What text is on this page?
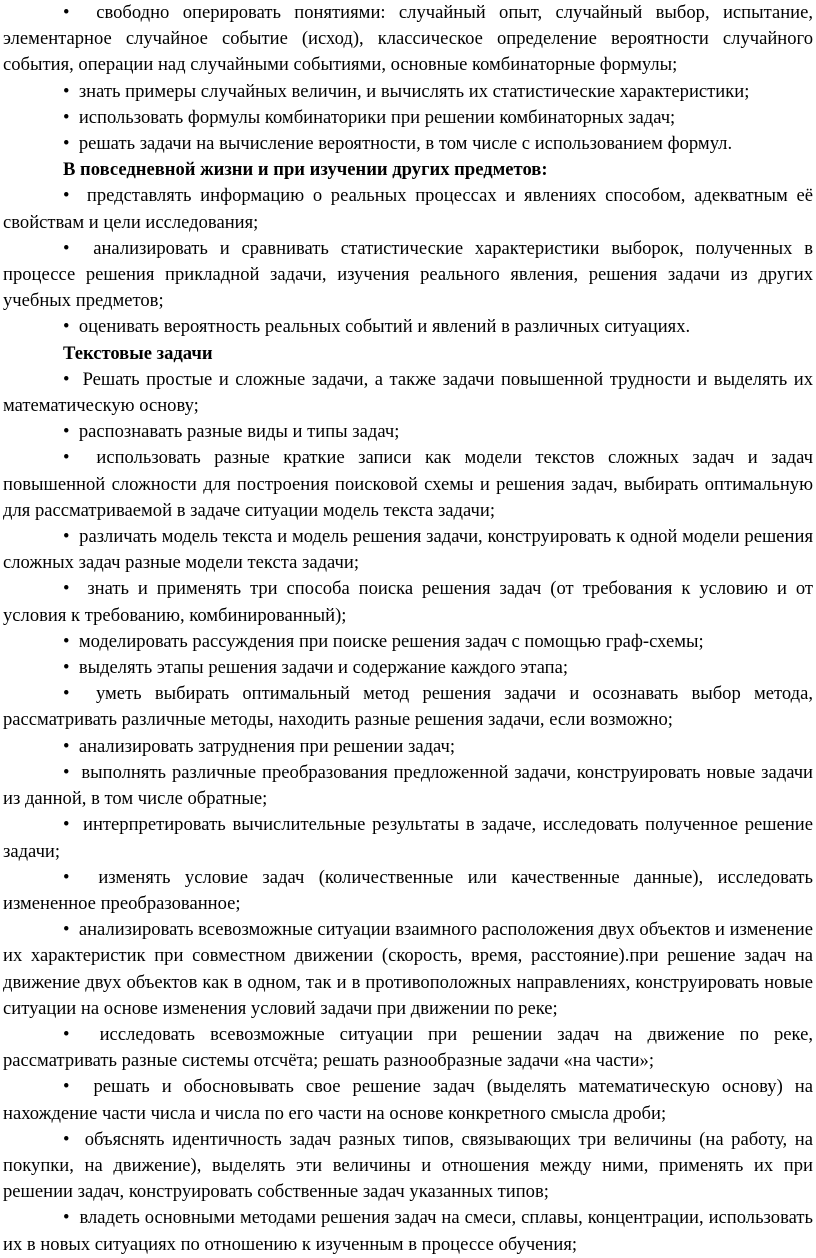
•  свободно оперировать понятиями: случайный опыт, случайный выбор, испытание, элементарное случайное событие (исход), классическое определение вероятности случайного события, операции над случайными событиями, основные комбинаторные формулы;

•  знать примеры случайных величин, и вычислять их статистические характеристики;

•  использовать формулы комбинаторики при решении комбинаторных задач;

•  решать задачи на вычисление вероятности, в том числе с использованием формул.

В повседневной жизни и при изучении других предметов:

•  представлять информацию о реальных процессах и явлениях способом, адекватным её свойствам и цели исследования;

•  анализировать и сравнивать статистические характеристики выборок, полученных в процессе решения прикладной задачи, изучения реального явления, решения задачи из других учебных предметов;

•  оценивать вероятность реальных событий и явлений в различных ситуациях.

Текстовые задачи

•  Решать простые и сложные задачи, а также задачи повышенной трудности и выделять их математическую основу;

•  распознавать разные виды и типы задач;

•  использовать разные краткие записи как модели текстов сложных задач и задач повышенной сложности для построения поисковой схемы и решения задач, выбирать оптимальную для рассматриваемой в задаче ситуации модель текста задачи;

•  различать модель текста и модель решения задачи, конструировать к одной модели решения сложных задач разные модели текста задачи;

•  знать и применять три способа поиска решения задач (от требования к условию и от условия к требованию, комбинированный);

•  моделировать рассуждения при поиске решения задач с помощью граф-схемы;

•  выделять этапы решения задачи и содержание каждого этапа;

•  уметь выбирать оптимальный метод решения задачи и осознавать выбор метода, рассматривать различные методы, находить разные решения задачи, если возможно;

•  анализировать затруднения при решении задач;

•  выполнять различные преобразования предложенной задачи, конструировать новые задачи из данной, в том числе обратные;

•  интерпретировать вычислительные результаты в задаче, исследовать полученное решение задачи;

•  изменять условие задач (количественные или качественные данные), исследовать измененное преобразованное;

•  анализировать всевозможные ситуации взаимного расположения двух объектов и изменение их характеристик при совместном движении (скорость, время, расстояние).при решение задач на движение двух объектов как в одном, так и в противоположных направлениях, конструировать новые ситуации на основе изменения условий задачи при движении по реке;

•  исследовать всевозможные ситуации при решении задач на движение по реке, рассматривать разные системы отсчёта; решать разнообразные задачи «на части»;

•  решать и обосновывать свое решение задач (выделять математическую основу) на нахождение части числа и числа по его части на основе конкретного смысла дроби;

•  объяснять идентичность задач разных типов, связывающих три величины (на работу, на покупки, на движение), выделять эти величины и отношения между ними, применять их при решении задач, конструировать собственные задач указанных типов;

•  владеть основными методами решения задач на смеси, сплавы, концентрации, использовать их в новых ситуациях по отношению к изученным в процессе обучения;
